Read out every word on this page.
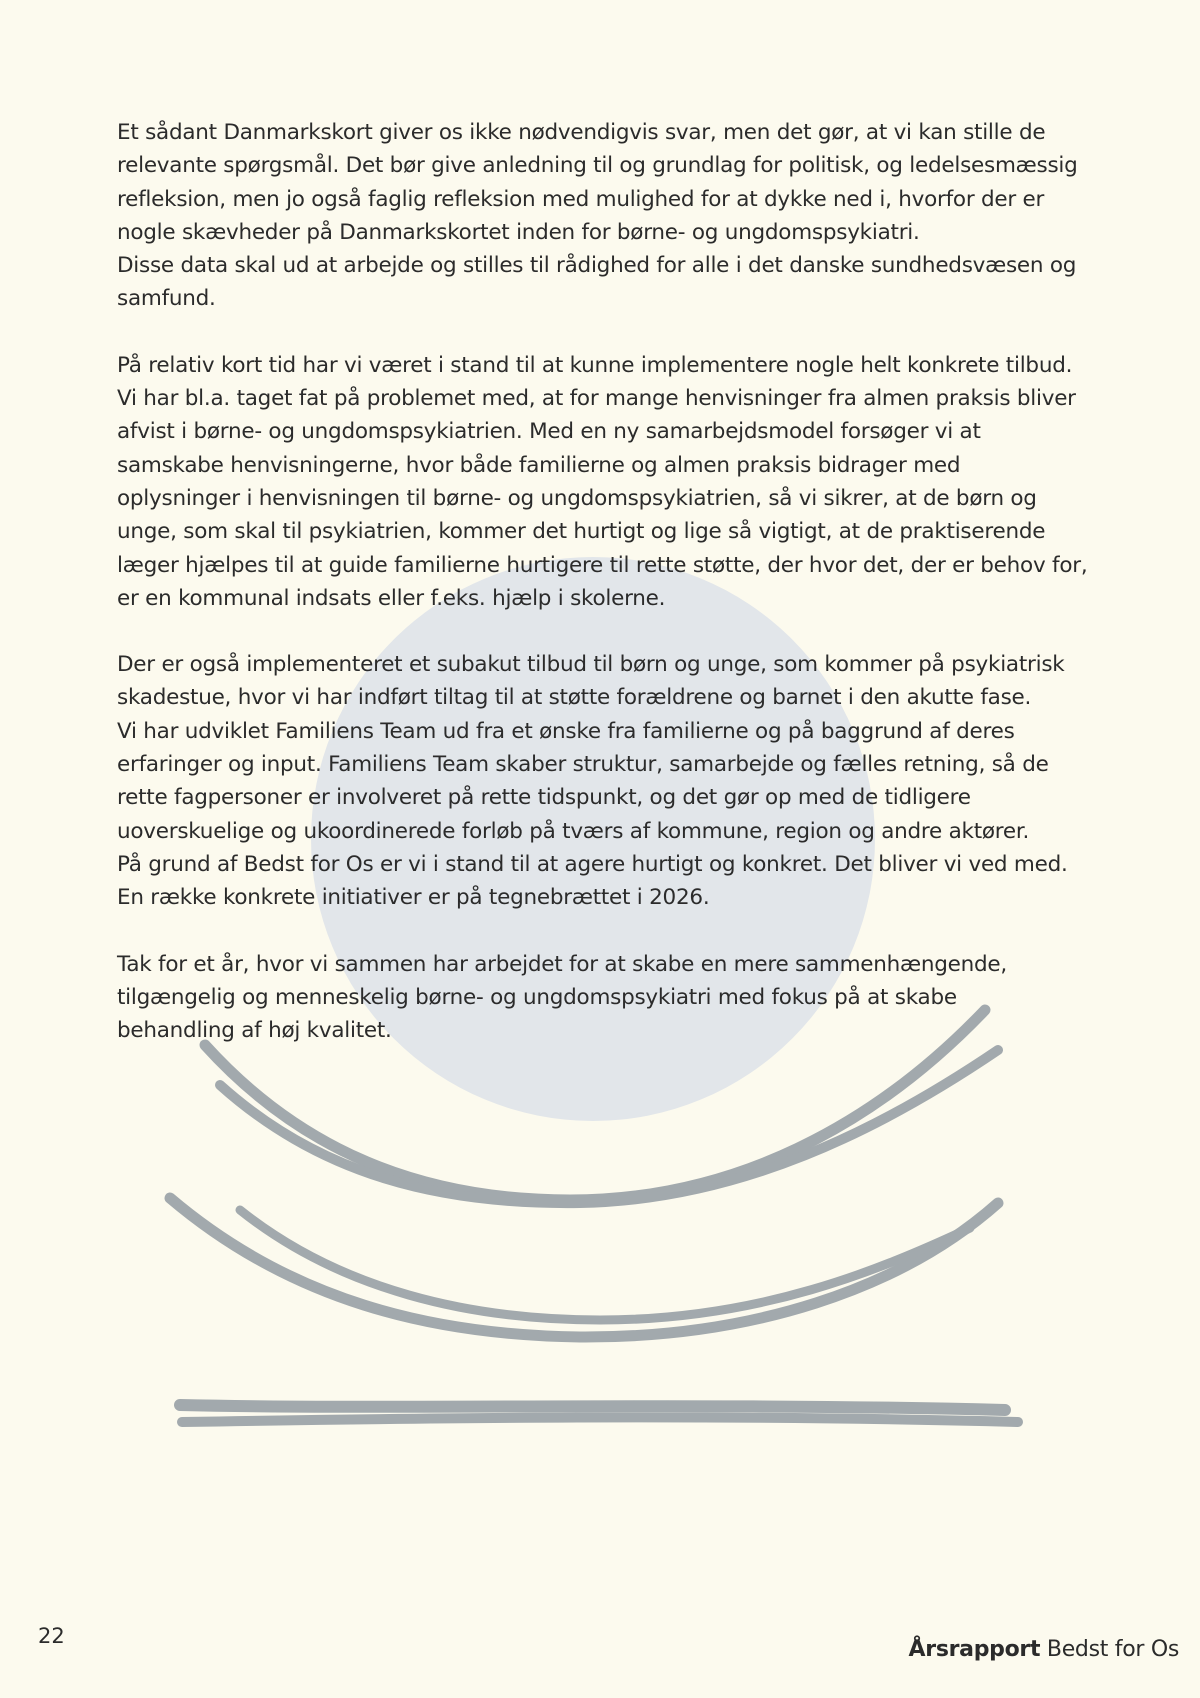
Et sådant Danmarkskort giver os ikke nødvendigvis svar, men det gør, at vi kan stille de
relevante spørgsmål. Det bør give anledning til og grundlag for politisk, og ledelsesmæssig
refleksion, men jo også faglig refleksion med mulighed for at dykke ned i, hvorfor der er
nogle skævheder på Danmarkskortet inden for børne- og ungdomspsykiatri.
Disse data skal ud at arbejde og stilles til rådighed for alle i det danske sundhedsvæsen og
samfund.

På relativ kort tid har vi været i stand til at kunne implementere nogle helt konkrete tilbud.
Vi har bl.a. taget fat på problemet med, at for mange henvisninger fra almen praksis bliver
afvist i børne- og ungdomspsykiatrien. Med en ny samarbejdsmodel forsøger vi at
samskabe henvisningerne, hvor både familierne og almen praksis bidrager med
oplysninger i henvisningen til børne- og ungdomspsykiatrien, så vi sikrer, at de børn og
unge, som skal til psykiatrien, kommer det hurtigt og lige så vigtigt, at de praktiserende
læger hjælpes til at guide familierne hurtigere til rette støtte, der hvor det, der er behov for,
er en kommunal indsats eller f.eks. hjælp i skolerne.

Der er også implementeret et subakut tilbud til børn og unge, som kommer på psykiatrisk
skadestue, hvor vi har indført tiltag til at støtte forældrene og barnet i den akutte fase.
Vi har udviklet Familiens Team ud fra et ønske fra familierne og på baggrund af deres
erfaringer og input. Familiens Team skaber struktur, samarbejde og fælles retning, så de
rette fagpersoner er involveret på rette tidspunkt, og det gør op med de tidligere
uoverskuelige og ukoordinerede forløb på tværs af kommune, region og andre aktører.
På grund af Bedst for Os er vi i stand til at agere hurtigt og konkret. Det bliver vi ved med.
En række konkrete initiativer er på tegnebrættet i 2026.

Tak for et år, hvor vi sammen har arbejdet for at skabe en mere sammenhængende,
tilgængelig og menneskelig børne- og ungdomspsykiatri med fokus på at skabe
behandling af høj kvalitet.

22
Årsrapport Bedst for Os
